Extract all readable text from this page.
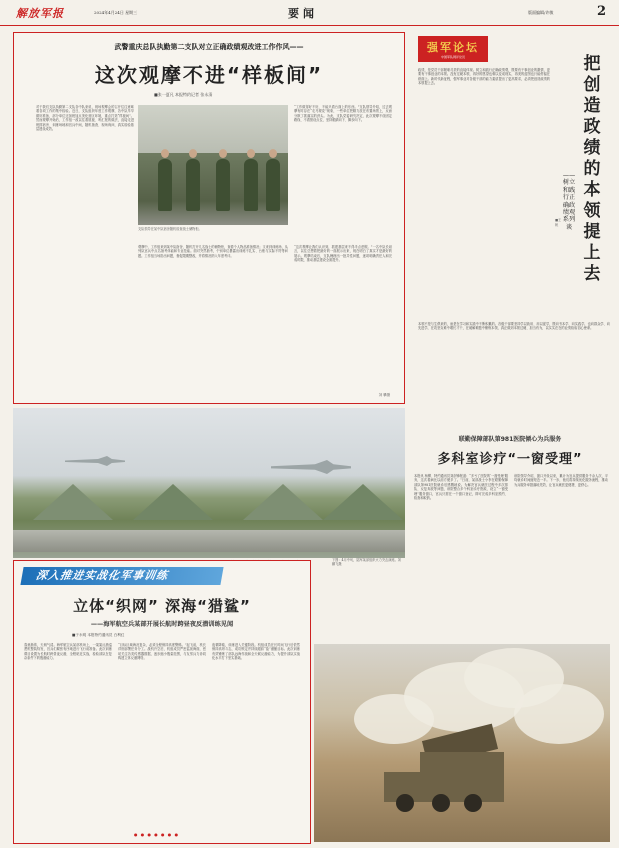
解放军报	2024年4月24日 星期三	要闻	版面编辑/许敏	2
武警重庆总队执勤第二支队对立正确政绩观改进工作作风——
这次观摩不进“样板间”
■张一夏凡 本报特约记者 张永清
对于我们支队执勤第二支队各中队来说，现场观摩会的召开往往意味着各项工作的集中检验。近日，支队组织年度工作观摩，各中队早早做好准备，部分单位还加班加点美化营区环境，重点打造“样板间”。然而观摩开始后，工作组一改以往看展板、听汇报的做法，直接走进班排宿舍、训练场地和官兵中间，随机抽查、现场询问，真实检验基层建设成效。
支队领导在某中队宿舍随机检查战士储物柜。
“工作做得好不好，不能只看台面上的东西。”支队领导介绍，过去观摩有时存在“走马观花”现象，一些单位把精力放在布置场景上，反而分散了抓落实的劲头。为此，支队党委研究决定，此次观摩不设固定路线、不看预设点位，坚持眼睛向下、脚步向下。
观摩中，工作组来到某中队宿舍，随机打开几名战士的储物柜，查看个人物品准备情况；又来到训练场，从列队官兵中点名抽考体能和专业技能。面对突然抽考，个别单位暴露出训练不扎实、台账与实际不符等问题。工作组当场指出问题，督促限期整改，并将情况纳入年度考评。
“这次观摩让我们认识到，抓建基层来不得半点虚假。”一名中队长坦言，以往总想着把最好的一面展示出来，现在明白了真实才是最好的展示。观摩结束后，支队梳理出一批共性问题，逐项明确责任人和完成时限，推动基层建设全面提升。
刘 攀摄
强军论坛
中国军队网评论员
政绩，是党员干部履职尽责的直接体现。树立和践行正确政绩观，既要有干事创业的激情，更要有干事创业的本领。没有过硬本领，再好的愿望也难以变成现实，再美的蓝图也只能停留在纸面上。新时代新征程，强军事业对各级干部的能力素质提出了更高要求，必须把创造政绩的本领提上去。
把创造政绩的本领提上去
——树立和践行正确政绩观系列谈
■王 帆
本领不是与生俱来的，而是在学习和实践中不断积累的。各级干部要坚持学以致用、用以促学，既向书本学、向实践学，也向群众学、向先进学，在攻坚克难中增长才干，在破解难题中锤炼本领，真正做到本领过硬、担当有为，以实实在在的业绩检验初心使命。
下图：4月中旬，陆军某部组织火力突击演练。刘鹏飞摄
联勤保障部队第981医院倾心为兵服务
多科室诊疗“一窗受理”
本报讯 杨柳、特约通讯员刘剑锋报道：“多亏了医院的‘一窗受理’服务，这次看病比以前方便多了。”日前，某部战士小李在联勤保障部队第981医院就诊后感慨地说。为解决官兵就医过程中多次排队、反复奔波等问题，该院整合多个科室诊疗资源，设立“一窗受理”服务窗口，官兵只需在一个窗口登记，即可完成多科室预约、检查和取药。
该院领导介绍，窗口开设以来，累计为官兵提供服务千余人次，平均就诊时间缩短近一半。下一步，他们将持续优化服务流程，推动为兵服务举措落地见效，让官兵就医更便捷、更舒心。
深入推进实战化军事训练
立体“织网” 深海“猎鲨”
——海军航空兵某部开展长航时跨昼夜反潜训练见闻
■于永明 本报特约通讯员 白利红
春意渐浓，天朗气清。海军航空兵某部机场上，一架架反潜巡逻机整装待发，官兵们紧张有序地进行飞行前准备。此次训练课目设置为长航时跨昼夜反潜，全程贴近实战，检验部队在复杂条件下的搜潜能力。
“目标区域海况复杂，必须全程保持高度警惕。”起飞前，机长详细部署任务分工。战机升空后，机组成员严密监视海面，密切关注各类传感器数据，逐步缩小搜索范围，与友邻兵力协同构建立体反潜网络。
夜幕降临，训练进入关键阶段。机组成员在长时间飞行后依然保持高昂斗志，成功锁定并持续跟踪“敌”潜艇目标。此次训练有效锤炼了部队远海作战和全天候反潜能力，为提升部队实战化水平打下坚实基础。
● ● ● ● ● ● ●
